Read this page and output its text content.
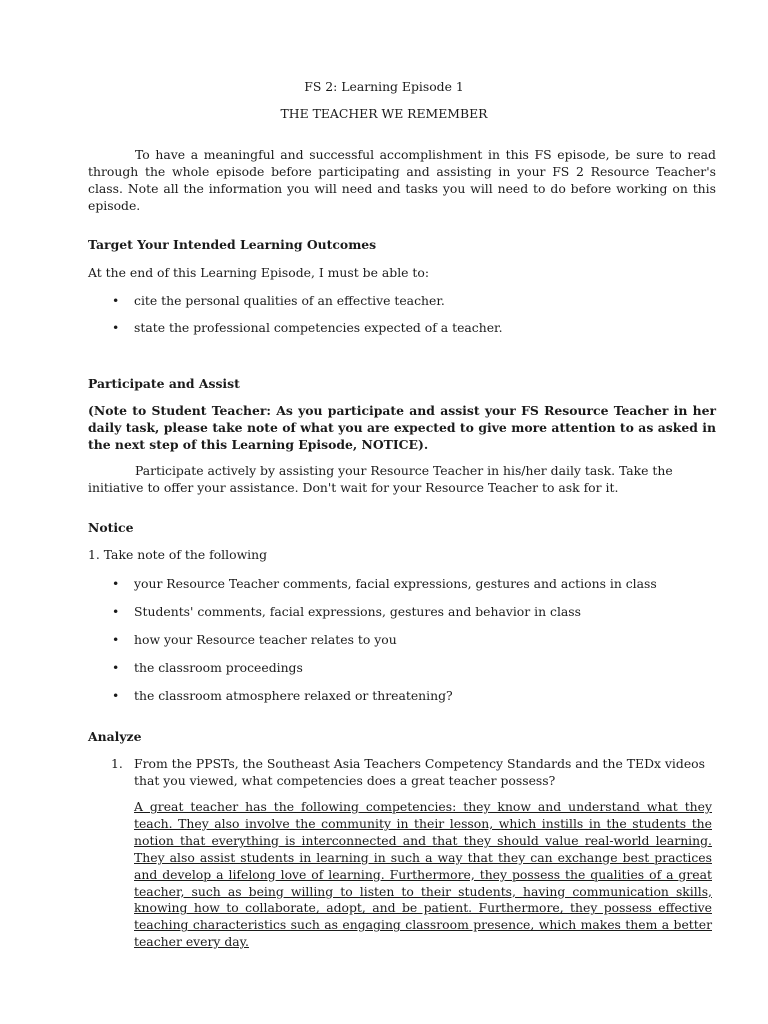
FS 2: Learning Episode 1
THE TEACHER WE REMEMBER

To have a meaningful and successful accomplishment in this FS episode, be sure to read through the whole episode before participating and assisting in your FS 2 Resource Teacher's class. Note all the information you will need and tasks you will need to do before working on this episode.

Target Your Intended Learning Outcomes
At the end of this Learning Episode, I must be able to:
• cite the personal qualities of an effective teacher.
• state the professional competencies expected of a teacher.
Participate and Assist
(Note to Student Teacher: As you participate and assist your FS Resource Teacher in her daily task, please take note of what you are expected to give more attention to as asked in the next step of this Learning Episode, NOTICE).

Participate actively by assisting your Resource Teacher in his/her daily task. Take the initiative to offer your assistance. Don't wait for your Resource Teacher to ask for it.

Notice
1. Take note of the following
• your Resource Teacher comments, facial expressions, gestures and actions in class
• Students' comments, facial expressions, gestures and behavior in class
• how your Resource teacher relates to you
• the classroom proceedings
• the classroom atmosphere relaxed or threatening?
Analyze
1. From the PPSTs, the Southeast Asia Teachers Competency Standards and the TEDx videos that you viewed, what competencies does a great teacher possess?

A great teacher has the following competencies: they know and understand what they teach. They also involve the community in their lesson, which instills in the students the notion that everything is interconnected and that they should value real-world learning. They also assist students in learning in such a way that they can exchange best practices and develop a lifelong love of learning. Furthermore, they possess the qualities of a great teacher, such as being willing to listen to their students, having communication skills, knowing how to collaborate, adopt, and be patient. Furthermore, they possess effective teaching characteristics such as engaging classroom presence, which makes them a better teacher every day.
